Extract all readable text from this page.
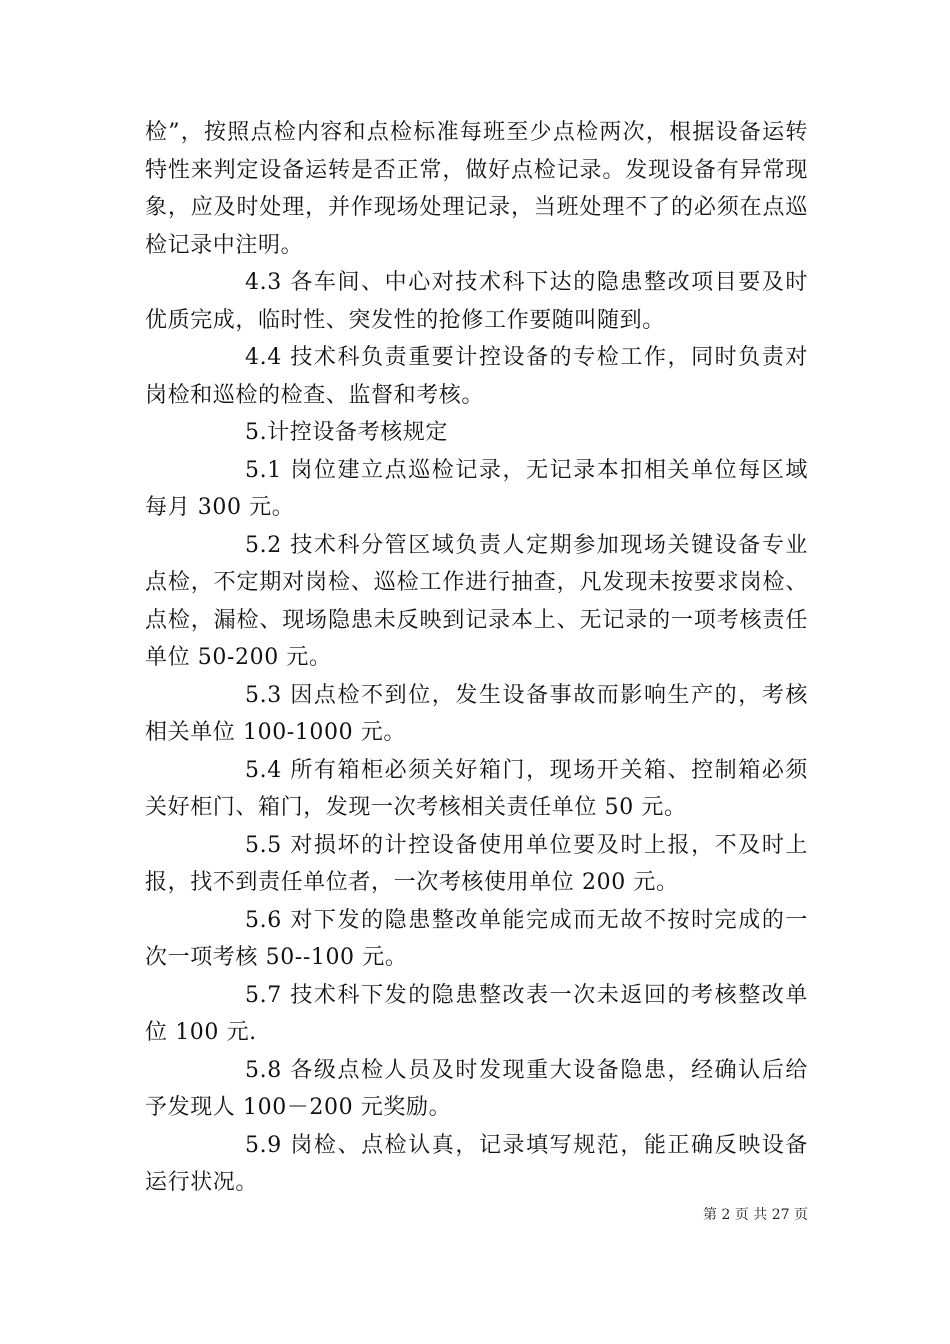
检”，按照点检内容和点检标准每班至少点检两次，根据设备运转特性来判定设备运转是否正常，做好点检记录。发现设备有异常现象，应及时处理，并作现场处理记录，当班处理不了的必须在点巡检记录中注明。

4.3 各车间、中心对技术科下达的隐患整改项目要及时优质完成，临时性、突发性的抢修工作要随叫随到。

4.4 技术科负责重要计控设备的专检工作，同时负责对岗检和巡检的检查、监督和考核。

5.计控设备考核规定

5.1 岗位建立点巡检记录，无记录本扣相关单位每区域每月 300 元。

5.2 技术科分管区域负责人定期参加现场关键设备专业点检，不定期对岗检、巡检工作进行抽查，凡发现未按要求岗检、点检，漏检、现场隐患未反映到记录本上、无记录的一项考核责任单位 50-200 元。

5.3 因点检不到位，发生设备事故而影响生产的，考核相关单位 100-1000 元。

5.4 所有箱柜必须关好箱门，现场开关箱、控制箱必须关好柜门、箱门，发现一次考核相关责任单位 50 元。

5.5 对损坏的计控设备使用单位要及时上报，不及时上报，找不到责任单位者，一次考核使用单位 200 元。

5.6 对下发的隐患整改单能完成而无故不按时完成的一次一项考核 50--100 元。

5.7 技术科下发的隐患整改表一次未返回的考核整改单位 100 元.

5.8 各级点检人员及时发现重大设备隐患，经确认后给予发现人 100－200 元奖励。

5.9 岗检、点检认真，记录填写规范，能正确反映设备运行状况。

第 2 页 共 27 页
